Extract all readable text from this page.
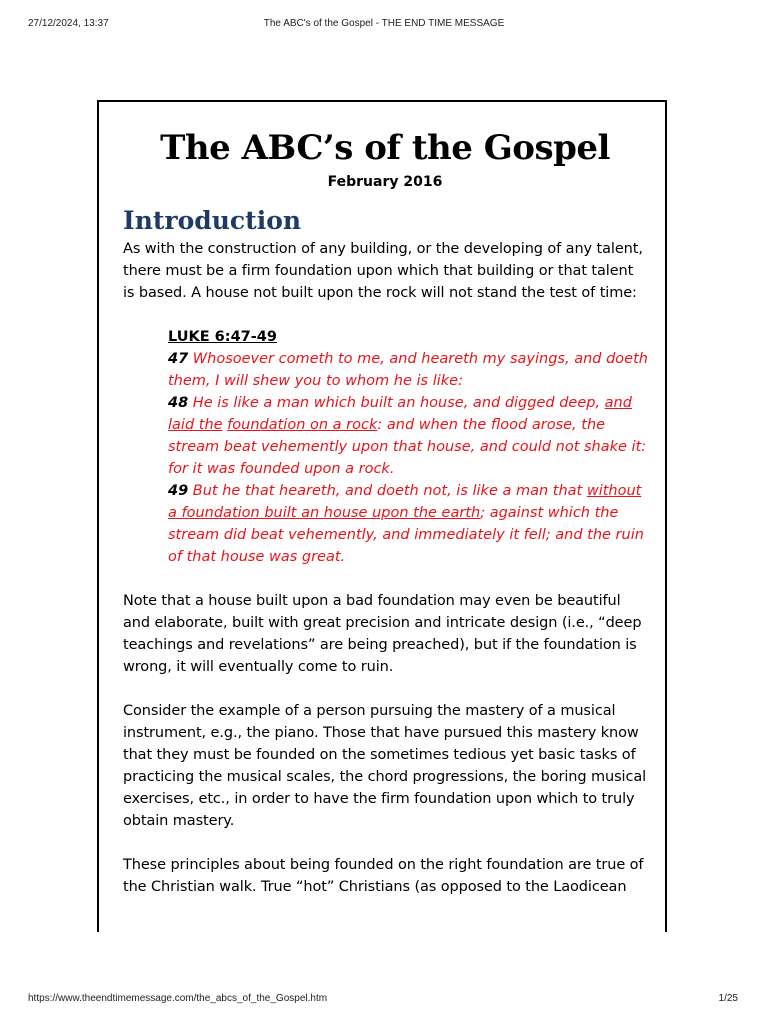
27/12/2024, 13:37	The ABC's of the Gospel - THE END TIME MESSAGE
The ABC’s of the Gospel
February 2016
Introduction

As with the construction of any building, or the developing of any talent, there must be a firm foundation upon which that building or that talent is based. A house not built upon the rock will not stand the test of time:

LUKE 6:47-49
47 Whosoever cometh to me, and heareth my sayings, and doeth them, I will shew you to whom he is like:
48 He is like a man which built an house, and digged deep, and laid the foundation on a rock: and when the flood arose, the stream beat vehemently upon that house, and could not shake it: for it was founded upon a rock.
49 But he that heareth, and doeth not, is like a man that without a foundation built an house upon the earth; against which the stream did beat vehemently, and immediately it fell; and the ruin of that house was great.

Note that a house built upon a bad foundation may even be beautiful and elaborate, built with great precision and intricate design (i.e., “deep teachings and revelations” are being preached), but if the foundation is wrong, it will eventually come to ruin.

Consider the example of a person pursuing the mastery of a musical instrument, e.g., the piano. Those that have pursued this mastery know that they must be founded on the sometimes tedious yet basic tasks of practicing the musical scales, the chord progressions, the boring musical exercises, etc., in order to have the firm foundation upon which to truly obtain mastery.

These principles about being founded on the right foundation are true of the Christian walk. True “hot” Christians (as opposed to the Laodicean

https://www.theendtimemessage.com/the_abcs_of_the_Gospel.htm	1/25
